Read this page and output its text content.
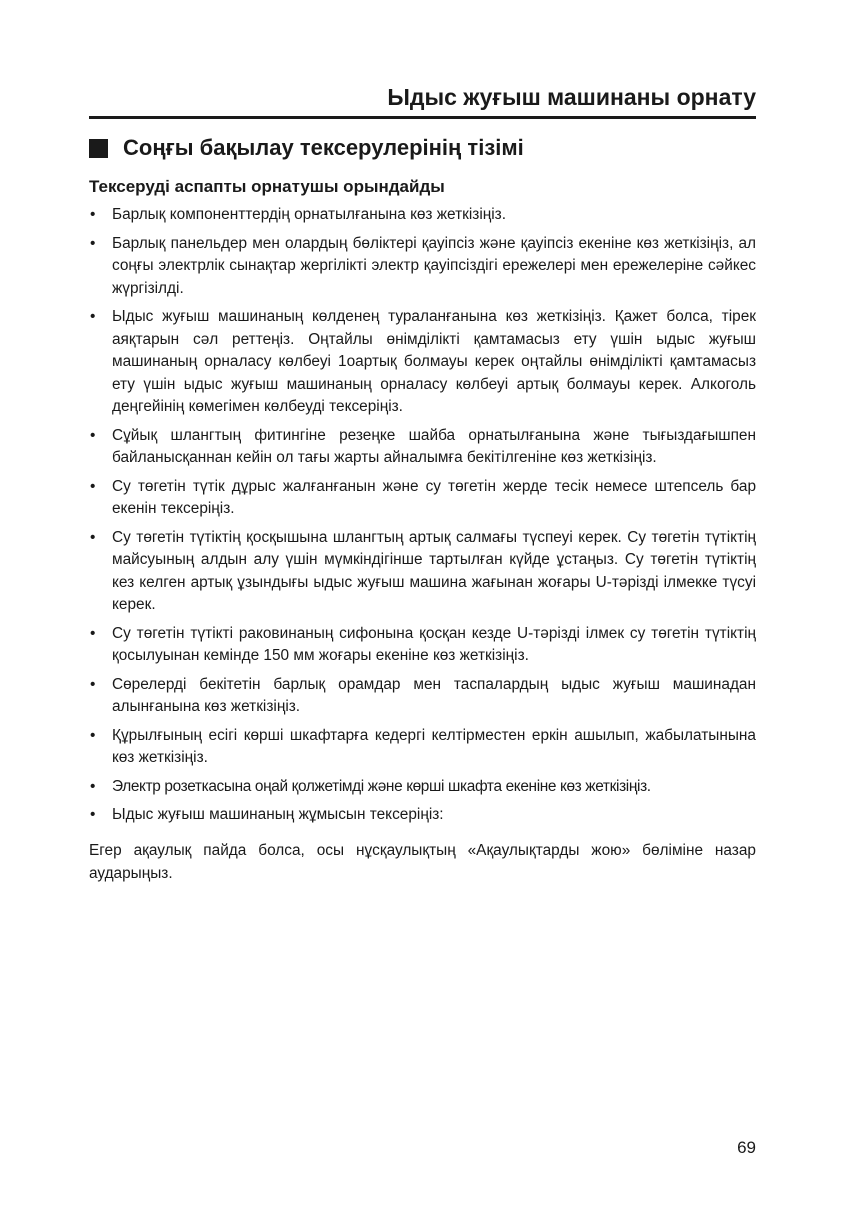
Ыдыс жуғыш машинаны орнату
Соңғы бақылау тексерулерінің тізімі
Тексеруді аспапты орнатушы орындайды
• Барлық компоненттердің орнатылғанына көз жеткізіңіз.
• Барлық панельдер мен олардың бөліктері қауіпсіз және қауіпсіз екеніне көз жеткізіңіз, ал соңғы электрлік сынақтар жергілікті электр қауіпсіздігі ережелері мен ережелеріне сәйкес жүргізілді.
• Ыдыс жуғыш машинаның көлденең тураланғанына көз жеткізіңіз. Қажет болса, тірек аяқтарын сәл реттеңіз. Оңтайлы өнімділікті қамтамасыз ету үшін ыдыс жуғыш машинаның орналасу көлбеуі 1оартық болмауы керек оңтайлы өнімділікті қамтамасыз ету үшін ыдыс жуғыш машинаның орналасу көлбеуі артық болмауы керек. Алкоголь деңгейінің көмегімен көлбеуді тексеріңіз.
• Сұйық шлангтың фитингіне резеңке шайба орнатылғанына және тығыздағышпен байланысқаннан кейін ол тағы жарты айналымға бекітілгеніне көз жеткізіңіз.
• Су төгетін түтік дұрыс жалғанғанын және су төгетін жерде тесік немесе штепсель бар екенін тексеріңіз.
• Су төгетін түтіктің қосқышына шлангтың артық салмағы түспеуі керек. Су төгетін түтіктің майсуының алдын алу үшін мүмкіндігінше тартылған күйде ұстаңыз. Су төгетін түтіктің кез келген артық ұзындығы ыдыс жуғыш машина жағынан жоғары U-тәрізді ілмекке түсуі керек.
• Су төгетін түтікті раковинаның сифонына қосқан кезде U-тәрізді ілмек су төгетін түтіктің қосылуынан кемінде 150 мм жоғары екеніне көз жеткізіңіз.
• Сөрелерді бекітетін барлық орамдар мен таспалардың ыдыс жуғыш машинадан алынғанына көз жеткізіңіз.
• Құрылғының есігі көрші шкафтарға кедергі келтірместен еркін ашылып, жабылатынына көз жеткізіңіз.
• Электр розеткасына оңай қолжетімді және көрші шкафта екеніне көз жеткізіңіз.
• Ыдыс жуғыш машинаның жұмысын тексеріңіз:

Егер ақаулық пайда болса, осы нұсқаулықтың «Ақаулықтарды жою» бөліміне назар аударыңыз.

69
